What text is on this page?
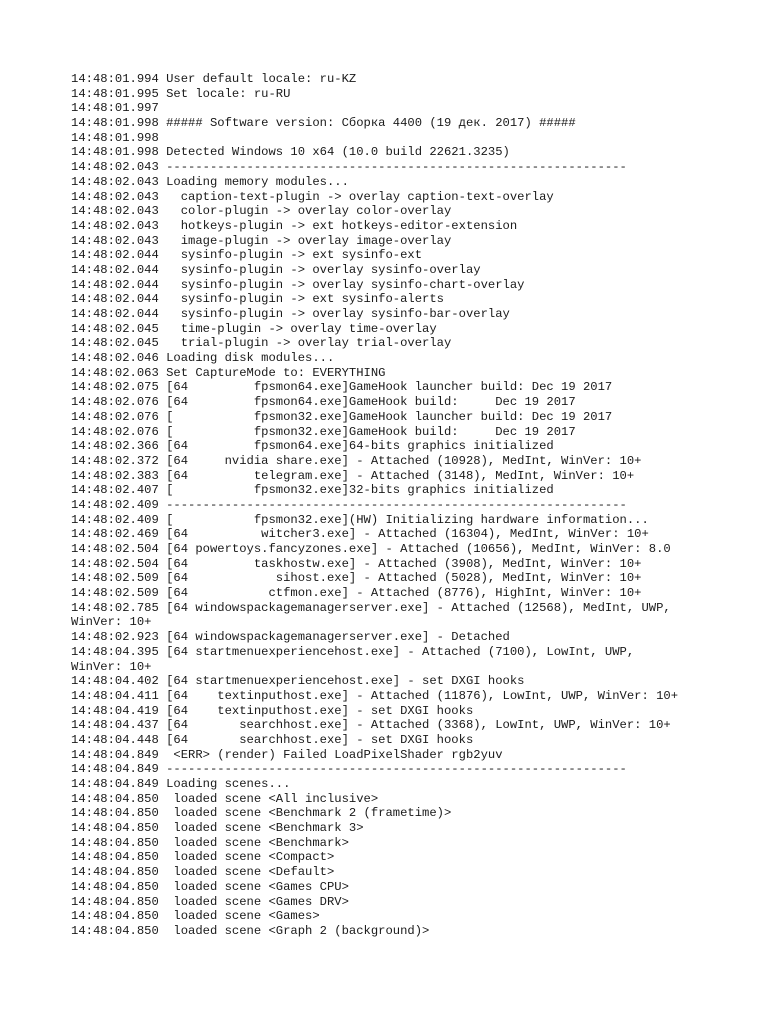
14:48:01.994 User default locale: ru-KZ
14:48:01.995 Set locale: ru-RU
14:48:01.997
14:48:01.998 ##### Software version: Сборка 4400 (19 дек. 2017) #####
14:48:01.998
14:48:01.998 Detected Windows 10 x64 (10.0 build 22621.3235)
14:48:02.043 ---------------------------------------------------------------
14:48:02.043 Loading memory modules...
14:48:02.043   caption-text-plugin -> overlay caption-text-overlay
14:48:02.043   color-plugin -> overlay color-overlay
14:48:02.043   hotkeys-plugin -> ext hotkeys-editor-extension
14:48:02.043   image-plugin -> overlay image-overlay
14:48:02.044   sysinfo-plugin -> ext sysinfo-ext
14:48:02.044   sysinfo-plugin -> overlay sysinfo-overlay
14:48:02.044   sysinfo-plugin -> overlay sysinfo-chart-overlay
14:48:02.044   sysinfo-plugin -> ext sysinfo-alerts
14:48:02.044   sysinfo-plugin -> overlay sysinfo-bar-overlay
14:48:02.045   time-plugin -> overlay time-overlay
14:48:02.045   trial-plugin -> overlay trial-overlay
14:48:02.046 Loading disk modules...
14:48:02.063 Set CaptureMode to: EVERYTHING
14:48:02.075 [64         fpsmon64.exe]GameHook launcher build: Dec 19 2017
14:48:02.076 [64         fpsmon64.exe]GameHook build:     Dec 19 2017
14:48:02.076 [           fpsmon32.exe]GameHook launcher build: Dec 19 2017
14:48:02.076 [           fpsmon32.exe]GameHook build:     Dec 19 2017
14:48:02.366 [64         fpsmon64.exe]64-bits graphics initialized
14:48:02.372 [64     nvidia share.exe] - Attached (10928), MedInt, WinVer: 10+
14:48:02.383 [64         telegram.exe] - Attached (3148), MedInt, WinVer: 10+
14:48:02.407 [           fpsmon32.exe]32-bits graphics initialized
14:48:02.409 ---------------------------------------------------------------
14:48:02.409 [           fpsmon32.exe](HW) Initializing hardware information...
14:48:02.469 [64          witcher3.exe] - Attached (16304), MedInt, WinVer: 10+
14:48:02.504 [64 powertoys.fancyzones.exe] - Attached (10656), MedInt, WinVer: 8.0
14:48:02.504 [64         taskhostw.exe] - Attached (3908), MedInt, WinVer: 10+
14:48:02.509 [64            sihost.exe] - Attached (5028), MedInt, WinVer: 10+
14:48:02.509 [64           ctfmon.exe] - Attached (8776), HighInt, WinVer: 10+
14:48:02.785 [64 windowspackagemanagerserver.exe] - Attached (12568), MedInt, UWP,
WinVer: 10+
14:48:02.923 [64 windowspackagemanagerserver.exe] - Detached
14:48:04.395 [64 startmenuexperiencehost.exe] - Attached (7100), LowInt, UWP,
WinVer: 10+
14:48:04.402 [64 startmenuexperiencehost.exe] - set DXGI hooks
14:48:04.411 [64    textinputhost.exe] - Attached (11876), LowInt, UWP, WinVer: 10+
14:48:04.419 [64    textinputhost.exe] - set DXGI hooks
14:48:04.437 [64       searchhost.exe] - Attached (3368), LowInt, UWP, WinVer: 10+
14:48:04.448 [64       searchhost.exe] - set DXGI hooks
14:48:04.849  <ERR> (render) Failed LoadPixelShader rgb2yuv
14:48:04.849 ---------------------------------------------------------------
14:48:04.849 Loading scenes...
14:48:04.850  loaded scene <All inclusive>
14:48:04.850  loaded scene <Benchmark 2 (frametime)>
14:48:04.850  loaded scene <Benchmark 3>
14:48:04.850  loaded scene <Benchmark>
14:48:04.850  loaded scene <Compact>
14:48:04.850  loaded scene <Default>
14:48:04.850  loaded scene <Games CPU>
14:48:04.850  loaded scene <Games DRV>
14:48:04.850  loaded scene <Games>
14:48:04.850  loaded scene <Graph 2 (background)>
